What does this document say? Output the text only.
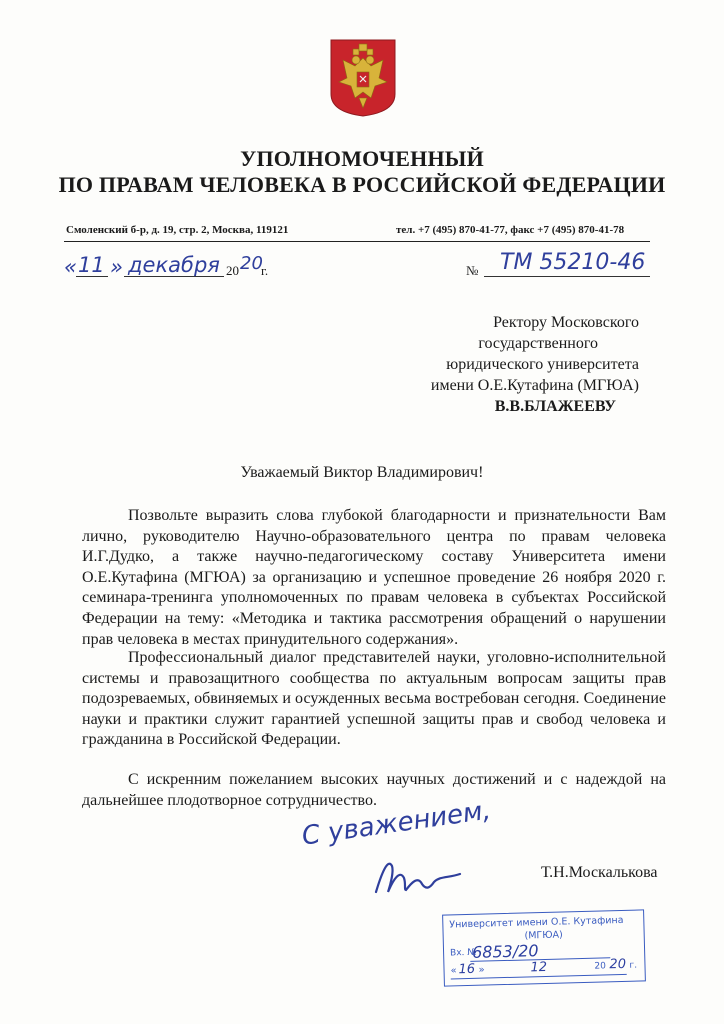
УПОЛНОМОЧЕННЫЙ
ПО ПРАВАМ ЧЕЛОВЕКА В РОССИЙСКОЙ ФЕДЕРАЦИИ
Смоленский б-р, д. 19, стр. 2, Москва, 119121	тел. +7 (495) 870-41-77, факс +7 (495) 870-41-78
« 11 » декабря 20 20
г.	№ ТМ 55210-46
Ректору Московского
государственного
юридического университета
имени О.Е.Кутафина (МГЮА)
В.В.БЛАЖЕЕВУ
Уважаемый Виктор Владимирович!

Позвольте выразить слова глубокой благодарности и признательности Вам лично, руководителю Научно-образовательного центра по правам человека И.Г.Дудко, а также научно-педагогическому составу Университета имени О.Е.Кутафина (МГЮА) за организацию и успешное проведение 26 ноября 2020 г. семинара-тренинга уполномоченных по правам человека в субъектах Российской Федерации на тему: «Методика и тактика рассмотрения обращений о нарушении прав человека в местах принудительного содержания».

Профессиональный диалог представителей науки, уголовно-исполнительной системы и правозащитного сообщества по актуальным вопросам защиты прав подозреваемых, обвиняемых и осужденных весьма востребован сегодня. Соединение науки и практики служит гарантией успешной защиты прав и свобод человека и гражданина в Российской Федерации.

С искренним пожеланием высоких научных достижений и с надеждой на дальнейшее плодотворное сотрудничество.

С уважением,
Т.Н.Москалькова
Университет имени О.Е. Кутафина
(МГЮА)
Вх. №
6853/20
« 16 »	12	20 20 г.
